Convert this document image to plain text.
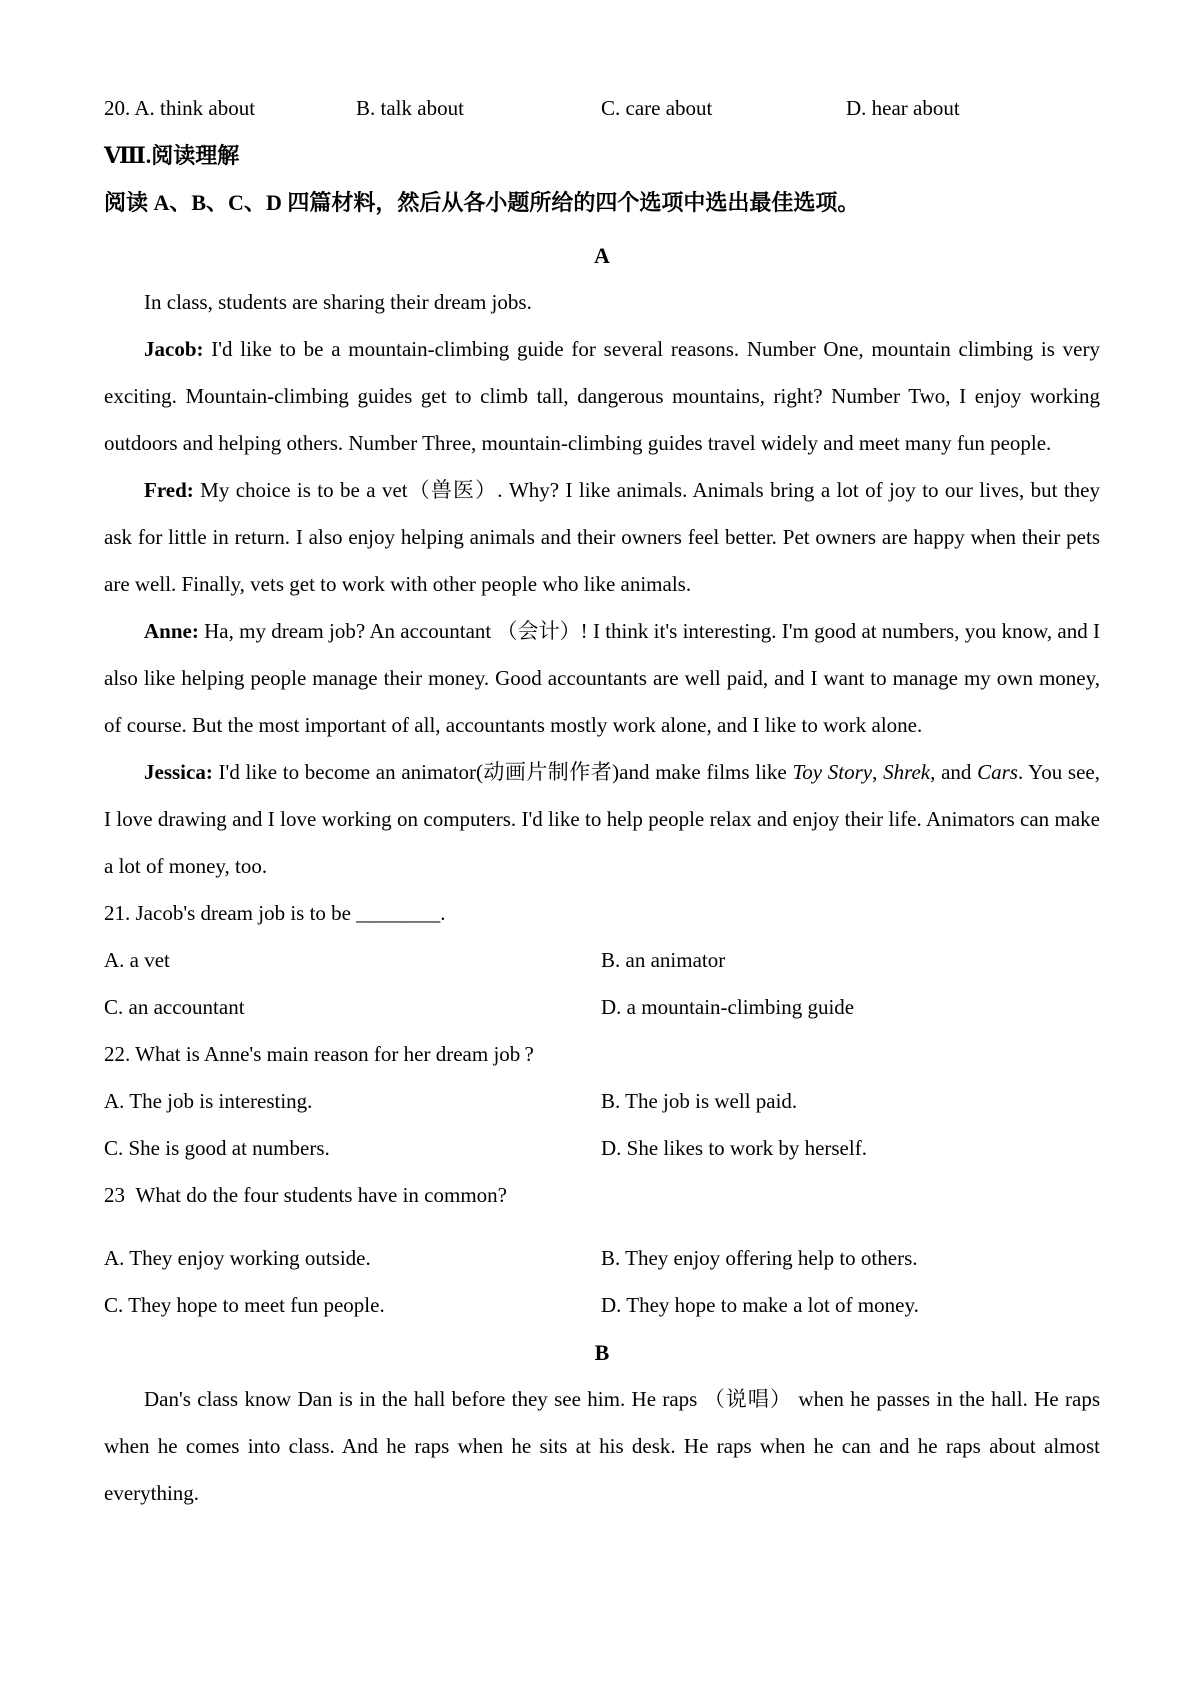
20. A. think about	B. talk about	C. care about	D. hear about
Ⅷ.阅读理解
阅读 A、B、C、D 四篇材料，然后从各小题所给的四个选项中选出最佳选项。
A

In class, students are sharing their dream jobs.

Jacob: I'd like to be a mountain-climbing guide for several reasons. Number One, mountain climbing is very exciting. Mountain-climbing guides get to climb tall, dangerous mountains, right? Number Two, I enjoy working outdoors and helping others. Number Three, mountain-climbing guides travel widely and meet many fun people.

Fred: My choice is to be a vet（兽医）. Why? I like animals. Animals bring a lot of joy to our lives, but they ask for little in return. I also enjoy helping animals and their owners feel better. Pet owners are happy when their pets are well. Finally, vets get to work with other people who like animals.

Anne: Ha, my dream job? An accountant （会计）! I think it's interesting. I'm good at numbers, you know, and I also like helping people manage their money. Good accountants are well paid, and I want to manage my own money, of course. But the most important of all, accountants mostly work alone, and I like to work alone.

Jessica: I'd like to become an animator(动画片制作者)and make films like Toy Story, Shrek, and Cars. You see, I love drawing and I love working on computers. I'd like to help people relax and enjoy their life. Animators can make a lot of money, too.

21. Jacob's dream job is to be ________.

A. a vet	B. an animator
C. an accountant	D. a mountain-climbing guide

22. What is Anne's main reason for her dream job ?

A. The job is interesting.	B. The job is well paid.
C. She is good at numbers.	D. She likes to work by herself.

23  What do the four students have in common?

A. They enjoy working outside.	B. They enjoy offering help to others.
C. They hope to meet fun people.	D. They hope to make a lot of money.
B

Dan's class know Dan is in the hall before they see him. He raps （说唱） when he passes in the hall. He raps when he comes into class. And he raps when he sits at his desk. He raps when he can and he raps about almost everything.
